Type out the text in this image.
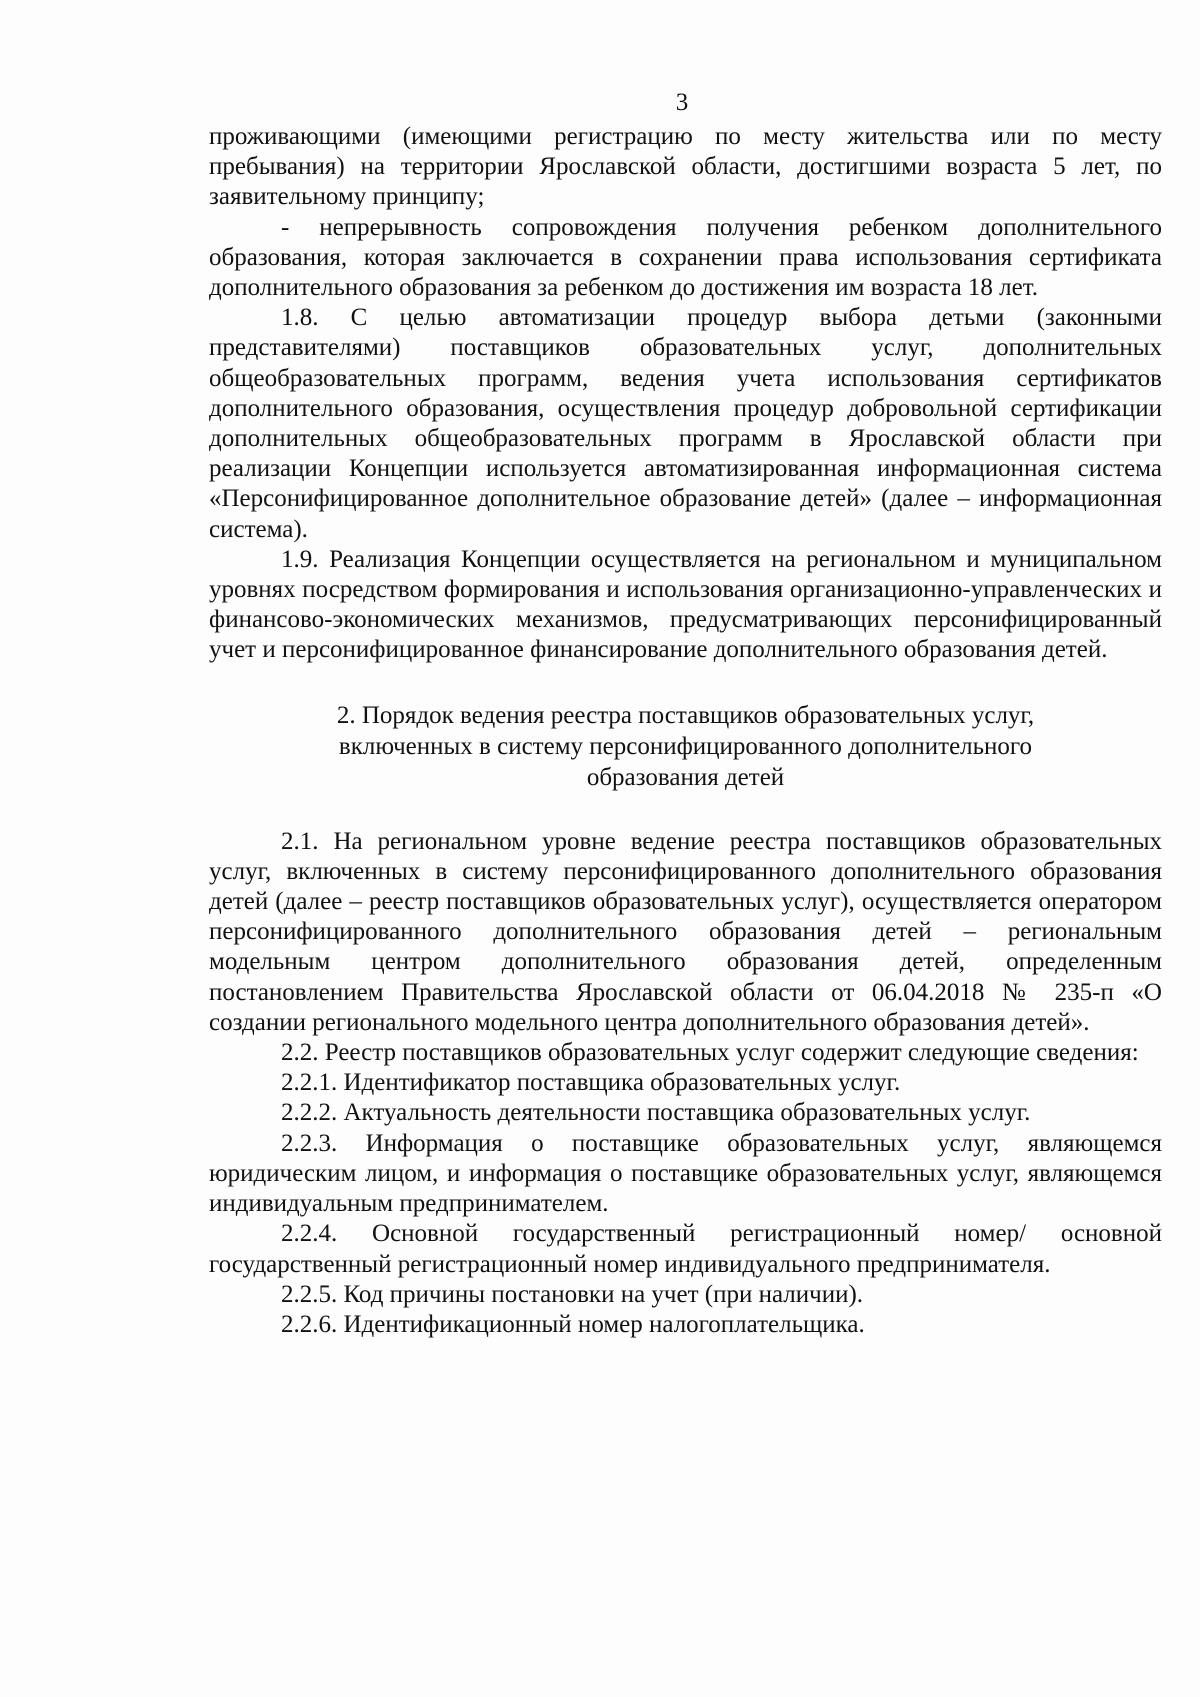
3

проживающими (имеющими регистрацию по месту жительства или по месту пребывания) на территории Ярославской области, достигшими возраста 5 лет, по заявительному принципу;

- непрерывность сопровождения получения ребенком дополнительного образования, которая заключается в сохранении права использования сертификата дополнительного образования за ребенком до достижения им возраста 18 лет.

1.8. С целью автоматизации процедур выбора детьми (законными представителями) поставщиков образовательных услуг, дополнительных общеобразовательных программ, ведения учета использования сертификатов дополнительного образования, осуществления процедур добровольной сертификации дополнительных общеобразовательных программ в Ярославской области при реализации Концепции используется автоматизированная информационная система «Персонифицированное дополнительное образование детей» (далее – информационная система).

1.9. Реализация Концепции осуществляется на региональном и муниципальном уровнях посредством формирования и использования организационно-управленческих и финансово-экономических механизмов, предусматривающих персонифицированный учет и персонифицированное финансирование дополнительного образования детей.

2. Порядок ведения реестра поставщиков образовательных услуг,
включенных в систему персонифицированного дополнительного
образования детей

2.1. На региональном уровне ведение реестра поставщиков образовательных услуг, включенных в систему персонифицированного дополнительного образования детей (далее – реестр поставщиков образовательных услуг), осуществляется оператором персонифицированного дополнительного образования детей – региональным модельным центром дополнительного образования детей, определенным постановлением Правительства Ярославской области от 06.04.2018 № 235-п «О создании регионального модельного центра дополнительного образования детей».

2.2. Реестр поставщиков образовательных услуг содержит следующие сведения:

2.2.1. Идентификатор поставщика образовательных услуг.

2.2.2. Актуальность деятельности поставщика образовательных услуг.

2.2.3. Информация о поставщике образовательных услуг, являющемся юридическим лицом, и информация о поставщике образовательных услуг, являющемся индивидуальным предпринимателем.

2.2.4. Основной государственный регистрационный номер/ основной государственный регистрационный номер индивидуального предпринимателя.

2.2.5. Код причины постановки на учет (при наличии).

2.2.6. Идентификационный номер налогоплательщика.
